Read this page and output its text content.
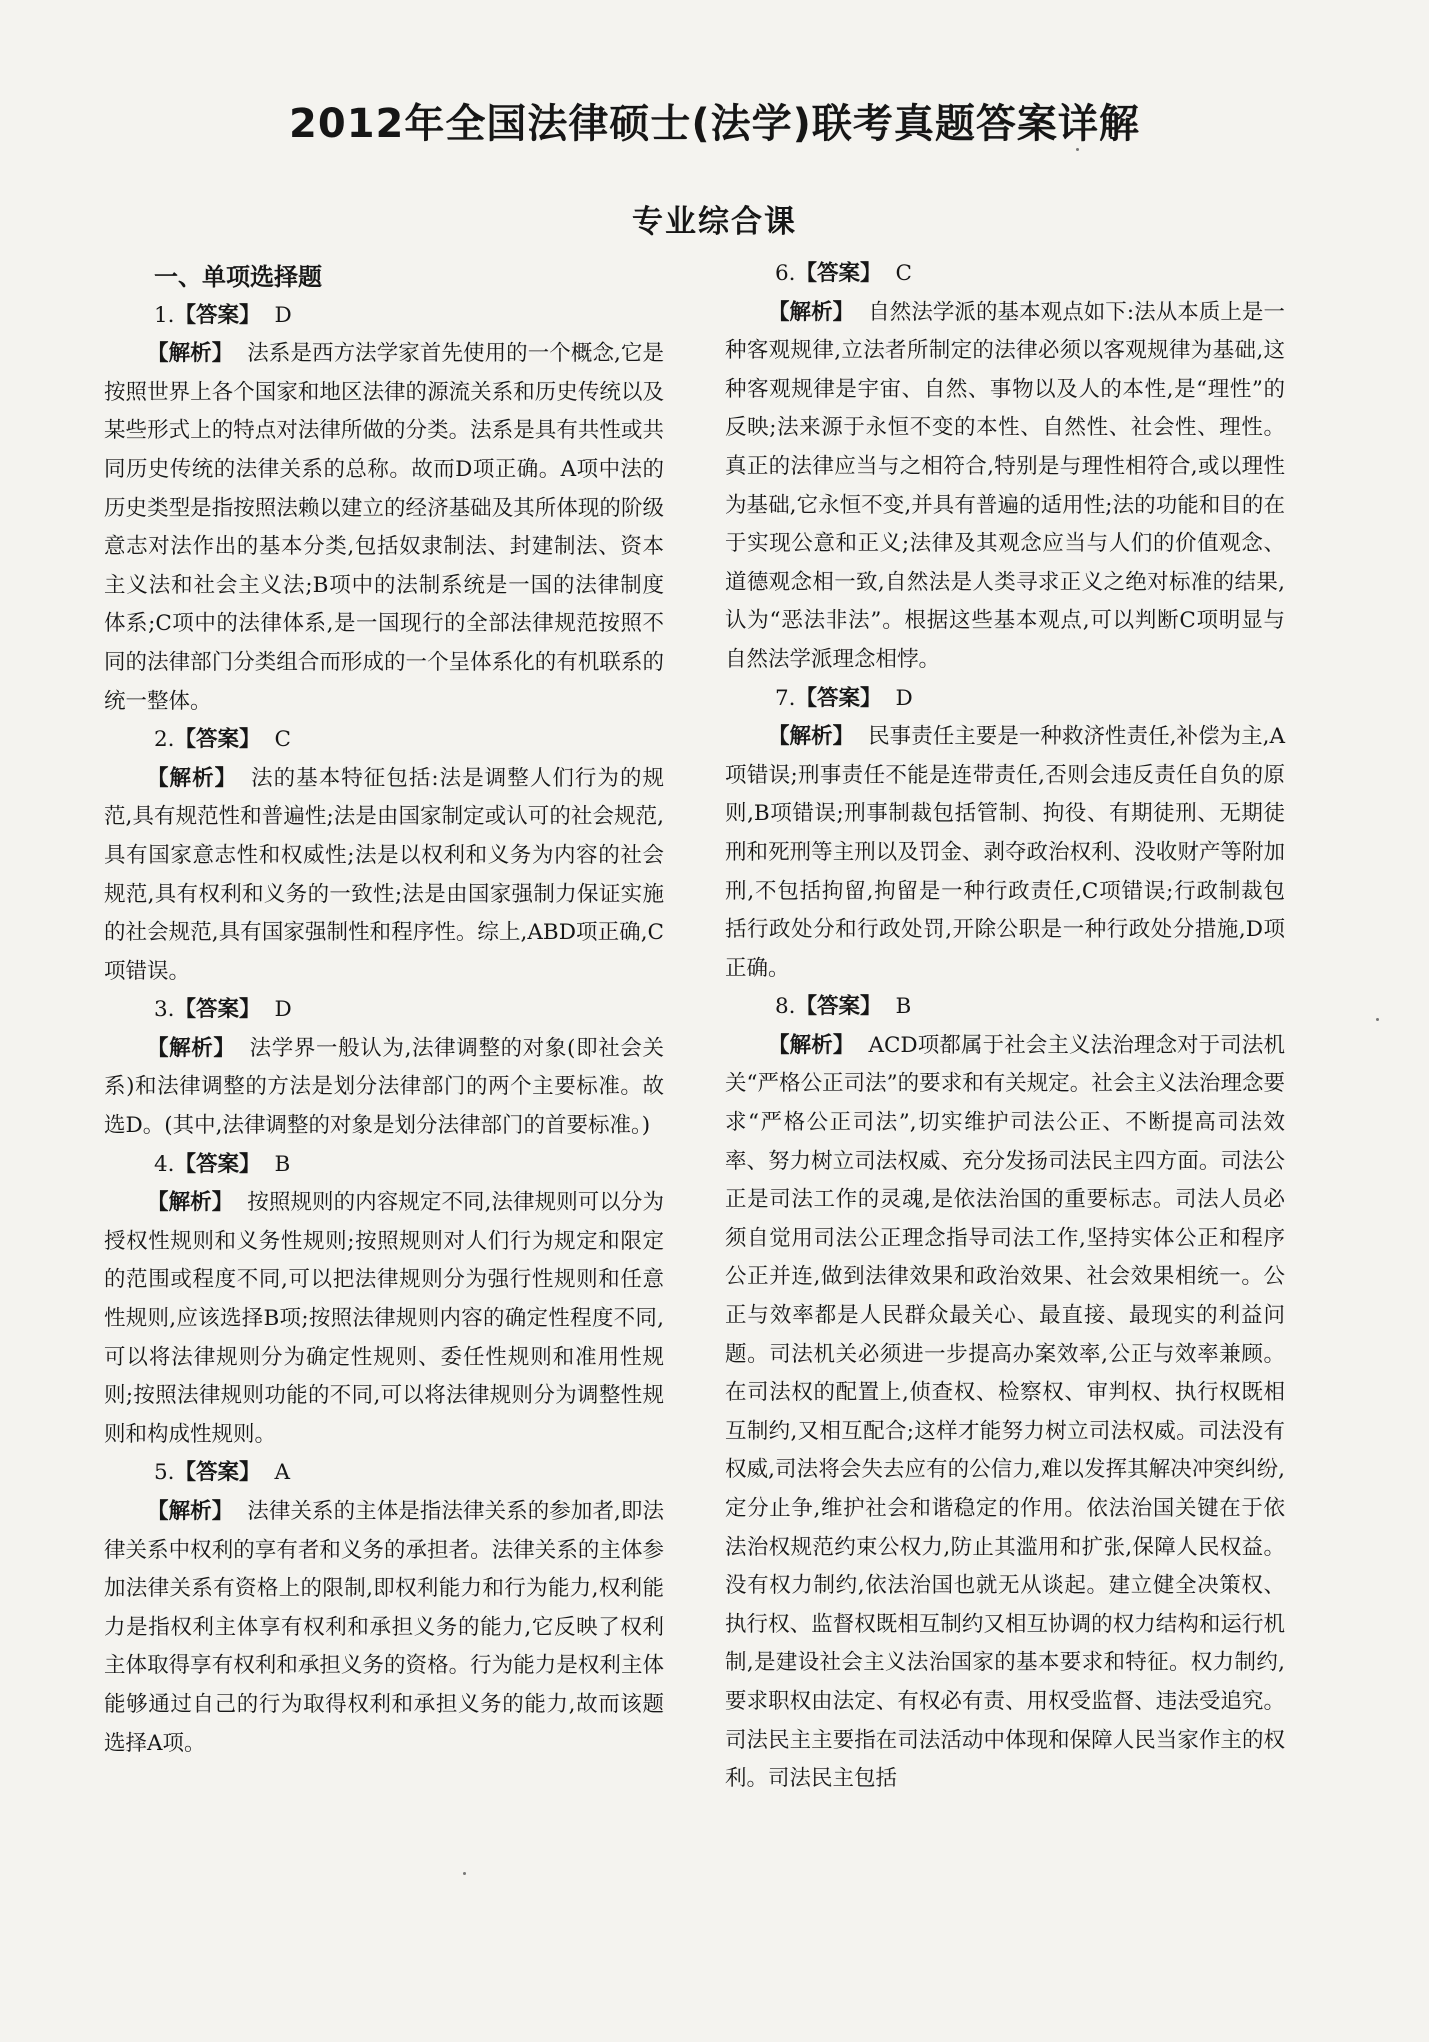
2012年全国法律硕士(法学)联考真题答案详解
专业综合课
一、单项选择题
1.【答案】 D

【解析】 法系是西方法学家首先使用的一个概念,它是按照世界上各个国家和地区法律的源流关系和历史传统以及某些形式上的特点对法律所做的分类。法系是具有共性或共同历史传统的法律关系的总称。故而D项正确。A项中法的历史类型是指按照法赖以建立的经济基础及其所体现的阶级意志对法作出的基本分类,包括奴隶制法、封建制法、资本主义法和社会主义法;B项中的法制系统是一国的法律制度体系;C项中的法律体系,是一国现行的全部法律规范按照不同的法律部门分类组合而形成的一个呈体系化的有机联系的统一整体。

2.【答案】 C

【解析】 法的基本特征包括:法是调整人们行为的规范,具有规范性和普遍性;法是由国家制定或认可的社会规范,具有国家意志性和权威性;法是以权利和义务为内容的社会规范,具有权利和义务的一致性;法是由国家强制力保证实施的社会规范,具有国家强制性和程序性。综上,ABD项正确,C项错误。

3.【答案】 D

【解析】 法学界一般认为,法律调整的对象(即社会关系)和法律调整的方法是划分法律部门的两个主要标准。故选D。(其中,法律调整的对象是划分法律部门的首要标准。)

4.【答案】 B

【解析】 按照规则的内容规定不同,法律规则可以分为授权性规则和义务性规则;按照规则对人们行为规定和限定的范围或程度不同,可以把法律规则分为强行性规则和任意性规则,应该选择B项;按照法律规则内容的确定性程度不同,可以将法律规则分为确定性规则、委任性规则和准用性规则;按照法律规则功能的不同,可以将法律规则分为调整性规则和构成性规则。

5.【答案】 A

【解析】 法律关系的主体是指法律关系的参加者,即法律关系中权利的享有者和义务的承担者。法律关系的主体参加法律关系有资格上的限制,即权利能力和行为能力,权利能力是指权利主体享有权利和承担义务的能力,它反映了权利主体取得享有权利和承担义务的资格。行为能力是权利主体能够通过自己的行为取得权利和承担义务的能力,故而该题选择A项。

6.【答案】 C

【解析】 自然法学派的基本观点如下:法从本质上是一种客观规律,立法者所制定的法律必须以客观规律为基础,这种客观规律是宇宙、自然、事物以及人的本性,是“理性”的反映;法来源于永恒不变的本性、自然性、社会性、理性。真正的法律应当与之相符合,特别是与理性相符合,或以理性为基础,它永恒不变,并具有普遍的适用性;法的功能和目的在于实现公意和正义;法律及其观念应当与人们的价值观念、道德观念相一致,自然法是人类寻求正义之绝对标准的结果,认为“恶法非法”。根据这些基本观点,可以判断C项明显与自然法学派理念相悖。

7.【答案】 D

【解析】 民事责任主要是一种救济性责任,补偿为主,A项错误;刑事责任不能是连带责任,否则会违反责任自负的原则,B项错误;刑事制裁包括管制、拘役、有期徒刑、无期徒刑和死刑等主刑以及罚金、剥夺政治权利、没收财产等附加刑,不包括拘留,拘留是一种行政责任,C项错误;行政制裁包括行政处分和行政处罚,开除公职是一种行政处分措施,D项正确。

8.【答案】 B

【解析】 ACD项都属于社会主义法治理念对于司法机关“严格公正司法”的要求和有关规定。社会主义法治理念要求“严格公正司法”,切实维护司法公正、不断提高司法效率、努力树立司法权威、充分发扬司法民主四方面。司法公正是司法工作的灵魂,是依法治国的重要标志。司法人员必须自觉用司法公正理念指导司法工作,坚持实体公正和程序公正并连,做到法律效果和政治效果、社会效果相统一。公正与效率都是人民群众最关心、最直接、最现实的利益问题。司法机关必须进一步提高办案效率,公正与效率兼顾。在司法权的配置上,侦查权、检察权、审判权、执行权既相互制约,又相互配合;这样才能努力树立司法权威。司法没有权威,司法将会失去应有的公信力,难以发挥其解决冲突纠纷,定分止争,维护社会和谐稳定的作用。依法治国关键在于依法治权规范约束公权力,防止其滥用和扩张,保障人民权益。没有权力制约,依法治国也就无从谈起。建立健全决策权、执行权、监督权既相互制约又相互协调的权力结构和运行机制,是建设社会主义法治国家的基本要求和特征。权力制约,要求职权由法定、有权必有责、用权受监督、违法受追究。司法民主主要指在司法活动中体现和保障人民当家作主的权利。司法民主包括
